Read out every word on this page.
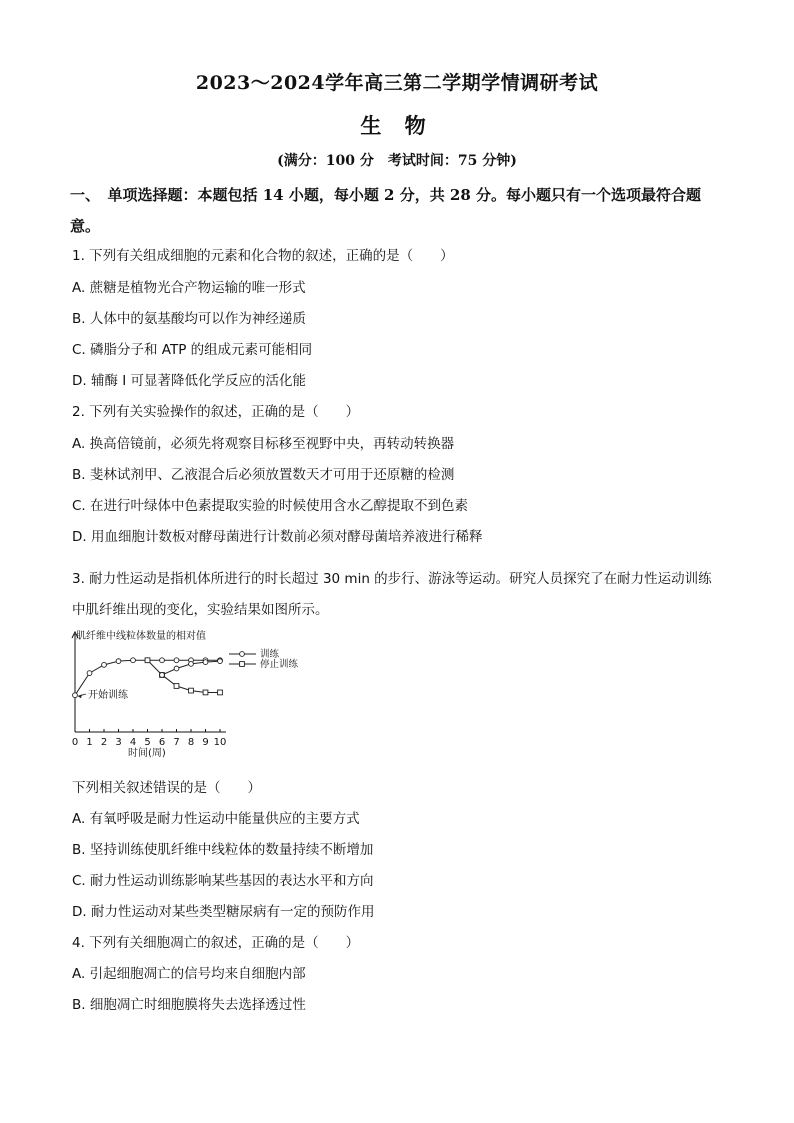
2023～2024学年高三第二学期学情调研考试
生 物
(满分：100 分　考试时间：75 分钟)
一、　单项选择题：本题包括 14 小题，每小题 2 分，共 28 分。每小题只有一个选项最符合题意。
1. 下列有关组成细胞的元素和化合物的叙述，正确的是（　　）
A. 蔗糖是植物光合产物运输的唯一形式
B. 人体中的氨基酸均可以作为神经递质
C. 磷脂分子和 ATP 的组成元素可能相同
D. 辅酶 Ⅰ 可显著降低化学反应的活化能
2. 下列有关实验操作的叙述，正确的是（　　）
A. 换高倍镜前，必须先将观察目标移至视野中央，再转动转换器
B. 斐林试剂甲、乙液混合后必须放置数天才可用于还原糖的检测
C. 在进行叶绿体中色素提取实验的时候使用含水乙醇提取不到色素
D. 用血细胞计数板对酵母菌进行计数前必须对酵母菌培养液进行稀释
3. 耐力性运动是指机体所进行的时长超过 30 min 的步行、游泳等运动。研究人员探究了在耐力性运动训练
中肌纤维出现的变化，实验结果如图所示。
0 1 2 3 4 5 6 7 8 9 10
肌纤维中线粒体数量的相对值
时间(周)
开始训练
训练
停止训练
下列相关叙述错误的是（　　）
A. 有氧呼吸是耐力性运动中能量供应的主要方式
B. 坚持训练使肌纤维中线粒体的数量持续不断增加
C. 耐力性运动训练影响某些基因的表达水平和方向
D. 耐力性运动对某些类型糖尿病有一定的预防作用
4. 下列有关细胞凋亡的叙述，正确的是（　　）
A. 引起细胞凋亡的信号均来自细胞内部
B. 细胞凋亡时细胞膜将失去选择透过性
